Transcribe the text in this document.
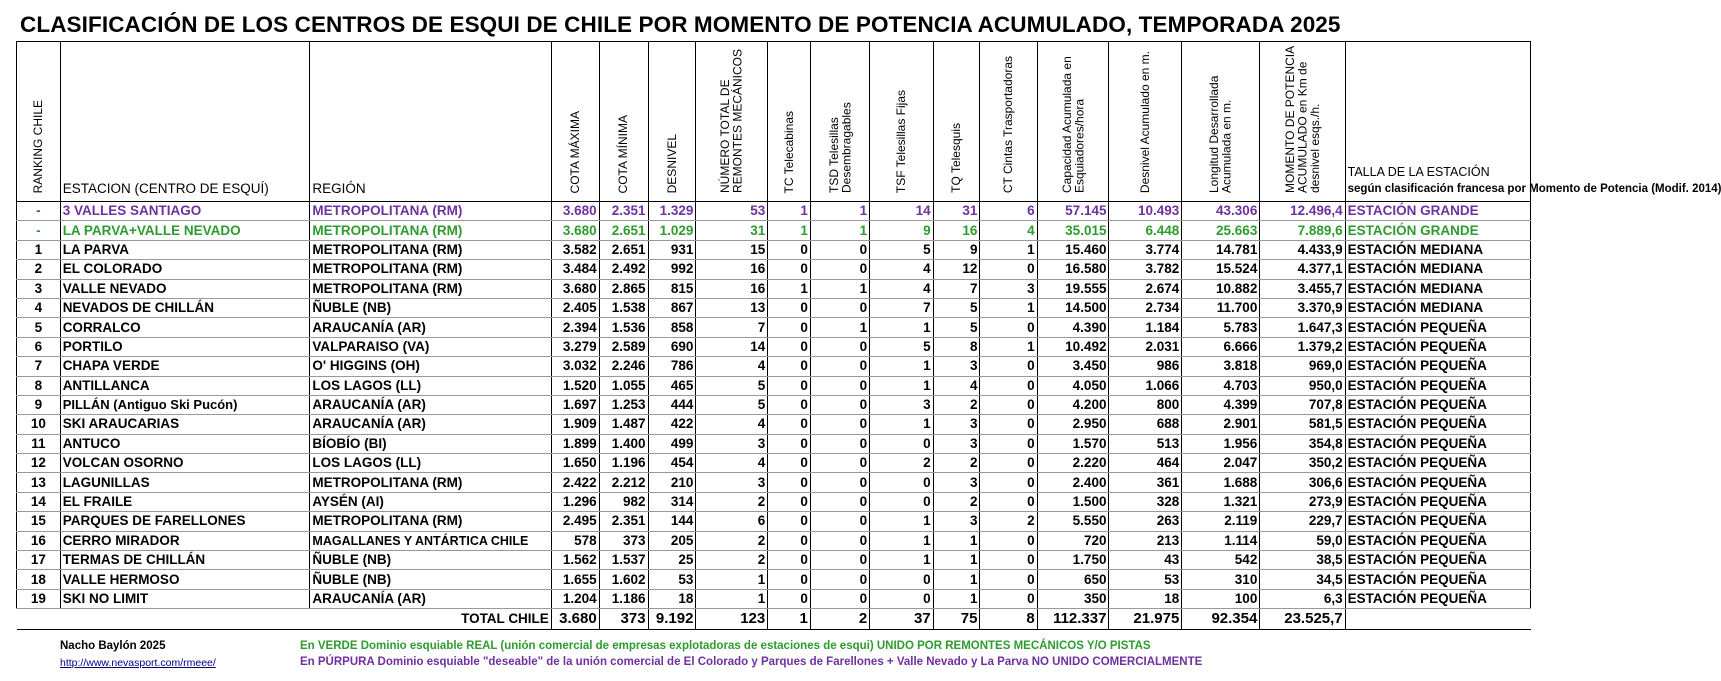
CLASIFICACIÓN DE LOS CENTROS DE ESQUI DE CHILE POR MOMENTO DE POTENCIA ACUMULADO, TEMPORADA 2025
RANKING CHILE	ESTACION (CENTRO DE ESQUÍ)	REGIÓN	COTA MÁXIMA	COTA MÍNIMA	DESNIVEL	NÚMERO TOTAL DE REMONTES MECÁNICOS	TC Telecabinas	TSD Telesillas Desembragables	TSF Telesillas Fijas	TQ Telesquis	CT Cintas Trasportadoras	Capacidad Acumulada en Esquiadores/hora	Desnivel Acumulado en m.	Longitud Desarrollada Acumulada en m.	MOMENTO DE POTENCIA ACUMULADO en Km de desnivel esqs./h.	TALLA DE LA ESTACIÓN
según clasificación francesa por Momento de Potencia (Modif. 2014)
-	3 VALLES SANTIAGO	METROPOLITANA (RM)	3.680	2.351	1.329	53	1	1	14	31	6	57.145	10.493	43.306	12.496,4	ESTACIÓN GRANDE
-	LA PARVA+VALLE NEVADO	METROPOLITANA (RM)	3.680	2.651	1.029	31	1	1	9	16	4	35.015	6.448	25.663	7.889,6	ESTACIÓN GRANDE
1	LA PARVA	METROPOLITANA (RM)	3.582	2.651	931	15	0	0	5	9	1	15.460	3.774	14.781	4.433,9	ESTACIÓN MEDIANA
2	EL COLORADO	METROPOLITANA (RM)	3.484	2.492	992	16	0	0	4	12	0	16.580	3.782	15.524	4.377,1	ESTACIÓN MEDIANA
3	VALLE NEVADO	METROPOLITANA (RM)	3.680	2.865	815	16	1	1	4	7	3	19.555	2.674	10.882	3.455,7	ESTACIÓN MEDIANA
4	NEVADOS DE CHILLÁN	ÑUBLE (NB)	2.405	1.538	867	13	0	0	7	5	1	14.500	2.734	11.700	3.370,9	ESTACIÓN MEDIANA
5	CORRALCO	ARAUCANÍA (AR)	2.394	1.536	858	7	0	1	1	5	0	4.390	1.184	5.783	1.647,3	ESTACIÓN PEQUEÑA
6	PORTILO	VALPARAISO (VA)	3.279	2.589	690	14	0	0	5	8	1	10.492	2.031	6.666	1.379,2	ESTACIÓN PEQUEÑA
7	CHAPA VERDE	O' HIGGINS (OH)	3.032	2.246	786	4	0	0	1	3	0	3.450	986	3.818	969,0	ESTACIÓN PEQUEÑA
8	ANTILLANCA	LOS LAGOS (LL)	1.520	1.055	465	5	0	0	1	4	0	4.050	1.066	4.703	950,0	ESTACIÓN PEQUEÑA
9	PILLÁN (Antiguo Ski Pucón)	ARAUCANÍA (AR)	1.697	1.253	444	5	0	0	3	2	0	4.200	800	4.399	707,8	ESTACIÓN PEQUEÑA
10	SKI ARAUCARIAS	ARAUCANÍA (AR)	1.909	1.487	422	4	0	0	1	3	0	2.950	688	2.901	581,5	ESTACIÓN PEQUEÑA
11	ANTUCO	BÍOBÍO (BI)	1.899	1.400	499	3	0	0	0	3	0	1.570	513	1.956	354,8	ESTACIÓN PEQUEÑA
12	VOLCAN OSORNO	LOS LAGOS (LL)	1.650	1.196	454	4	0	0	2	2	0	2.220	464	2.047	350,2	ESTACIÓN PEQUEÑA
13	LAGUNILLAS	METROPOLITANA (RM)	2.422	2.212	210	3	0	0	0	3	0	2.400	361	1.688	306,6	ESTACIÓN PEQUEÑA
14	EL FRAILE	AYSÉN (AI)	1.296	982	314	2	0	0	0	2	0	1.500	328	1.321	273,9	ESTACIÓN PEQUEÑA
15	PARQUES DE FARELLONES	METROPOLITANA (RM)	2.495	2.351	144	6	0	0	1	3	2	5.550	263	2.119	229,7	ESTACIÓN PEQUEÑA
16	CERRO MIRADOR	MAGALLANES Y ANTÁRTICA CHILE	578	373	205	2	0	0	1	1	0	720	213	1.114	59,0	ESTACIÓN PEQUEÑA
17	TERMAS DE CHILLÁN	ÑUBLE (NB)	1.562	1.537	25	2	0	0	1	1	0	1.750	43	542	38,5	ESTACIÓN PEQUEÑA
18	VALLE HERMOSO	ÑUBLE (NB)	1.655	1.602	53	1	0	0	0	1	0	650	53	310	34,5	ESTACIÓN PEQUEÑA
19	SKI NO LIMIT	ARAUCANÍA (AR)	1.204	1.186	18	1	0	0	0	1	0	350	18	100	6,3	ESTACIÓN PEQUEÑA
	TOTAL CHILE		3.680	373	9.192	123	1	2	37	75	8	112.337	21.975	92.354	23.525,7	
Nacho Baylón 2025
http://www.nevasport.com/rmeee/
En VERDE Dominio esquiable REAL (unión comercial de empresas explotadoras de estaciones de esqui) UNIDO POR REMONTES MECÁNICOS Y/O PISTAS
En PÚRPURA Dominio esquiable "deseable" de la unión comercial de El Colorado y Parques de Farellones + Valle Nevado y La Parva NO UNIDO COMERCIALMENTE
